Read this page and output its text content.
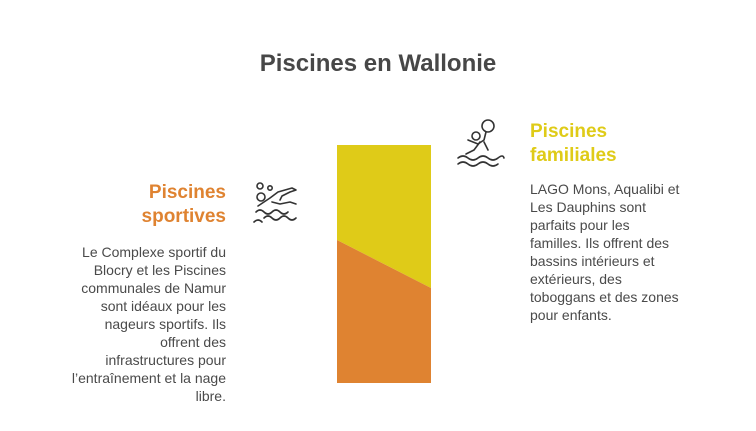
Piscines en Wallonie
Piscines
sportives
Le Complexe sportif du
Blocry et les Piscines
communales de Namur
sont idéaux pour les
nageurs sportifs. Ils
offrent des
infrastructures pour
l’entraînement et la nage
libre.
Piscines
familiales
LAGO Mons, Aqualibi et
Les Dauphins sont
parfaits pour les
familles. Ils offrent des
bassins intérieurs et
extérieurs, des
toboggans et des zones
pour enfants.
